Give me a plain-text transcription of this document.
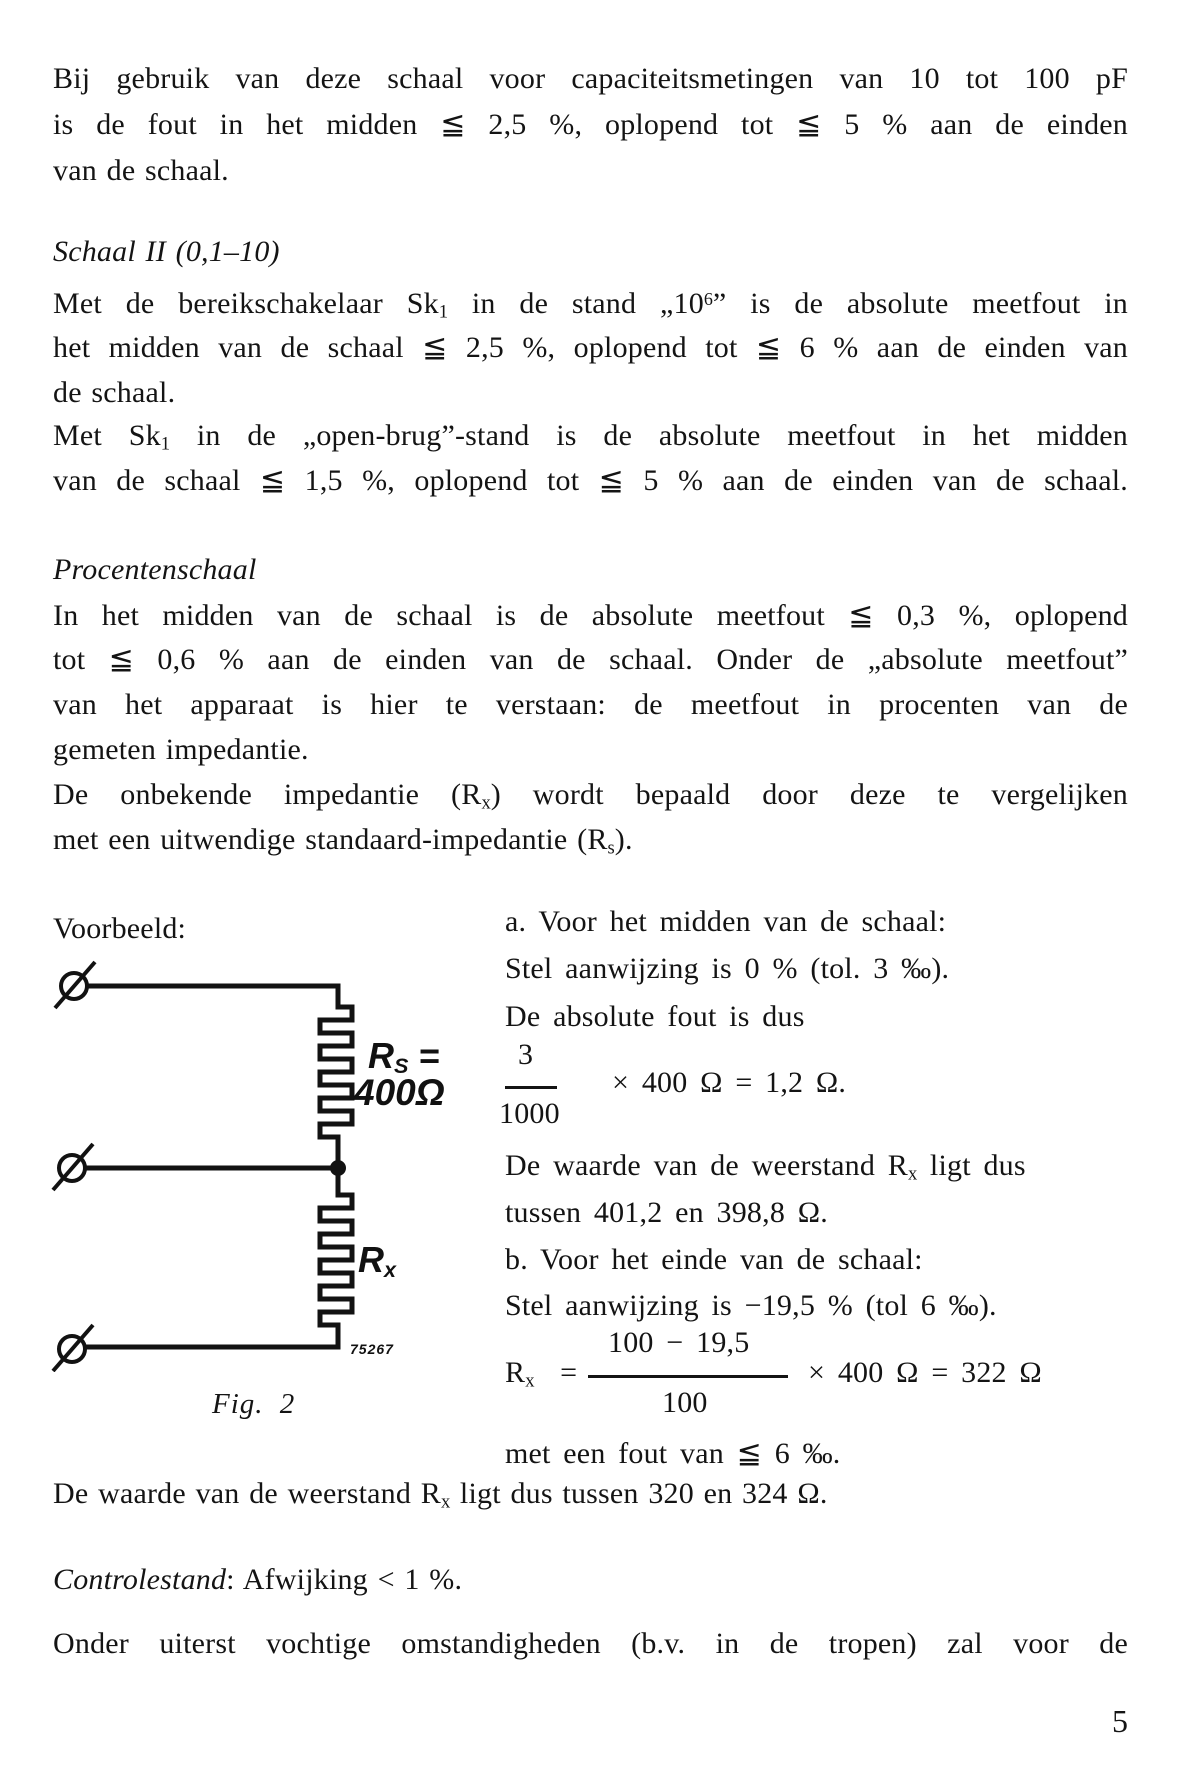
Bij gebruik van deze schaal voor capaciteitsmetingen van 10 tot 100 pF
is de fout in het midden ≦ 2,5 %, oplopend tot ≦ 5 % aan de einden
van de schaal.
Schaal II (0,1–10)
Met de bereikschakelaar $Sk_1$ in de stand $„10^6$” is de absolute meetfout in
het midden van de schaal ≦ 2,5 %, oplopend tot ≦ 6 % aan de einden van
de schaal.
Met $Sk_1$ in de „open-brug”-stand is de absolute meetfout in het midden
van de schaal ≦ 1,5 %, oplopend tot ≦ 5 % aan de einden van de schaal.
Procentenschaal
In het midden van de schaal is de absolute meetfout ≦ 0,3 %, oplopend
tot ≦ 0,6 % aan de einden van de schaal. Onder de „absolute meetfout”
van het apparaat is hier te verstaan: de meetfout in procenten van de
gemeten impedantie.
De onbekende impedantie $(R_x)$ wordt bepaald door deze te vergelijken
met een uitwendige standaard-impedantie $(R_s)$.
Voorbeeld:
$R_S$ =
400Ω
$R_x$
75267
Fig. 2
a. Voor het midden van de schaal:
Stel aanwijzing is 0 % (tol. 3 ‰).
De absolute fout is dus
3
1000
× 400 Ω = 1,2 Ω.
De waarde van de weerstand $R_x$ ligt dus
tussen 401,2 en 398,8 Ω.
b. Voor het einde van de schaal:
Stel aanwijzing is −19,5 % (tol 6 ‰).
$R_x$ =
100 − 19,5
100
× 400 Ω = 322 Ω
met een fout van ≦ 6 ‰.
De waarde van de weerstand $R_x$ ligt dus tussen 320 en 324 Ω.
Controlestand: Afwijking < 1 %.
Onder uiterst vochtige omstandigheden (b.v. in de tropen) zal voor de
5
